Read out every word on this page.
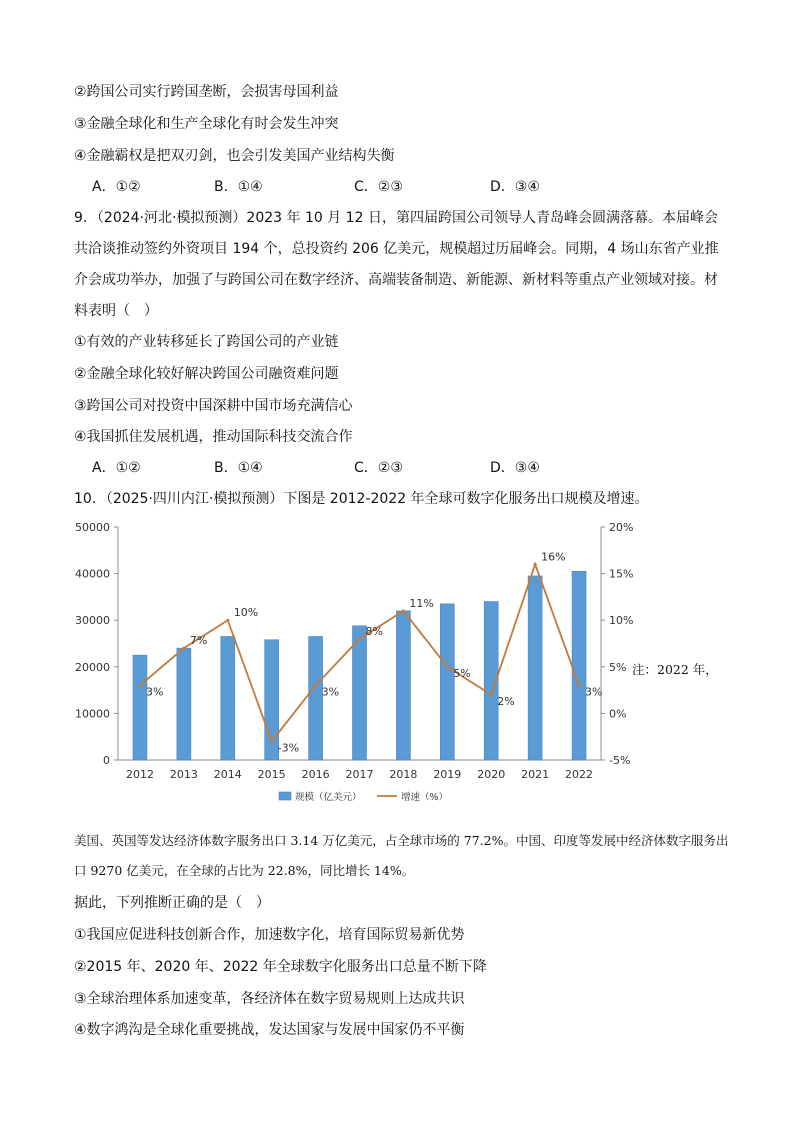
②跨国公司实行跨国垄断，会损害母国利益
③金融全球化和生产全球化有时会发生冲突
④金融霸权是把双刃剑，也会引发美国产业结构失衡
A．①②	B．①④	C．②③	D．③④
9．（2024·河北·模拟预测）2023 年 10 月 12 日，第四届跨国公司领导人青岛峰会圆满落幕。本届峰会共洽谈推动签约外资项目 194 个，总投资约 206 亿美元，规模超过历届峰会。同期，4 场山东省产业推介会成功举办，加强了与跨国公司在数字经济、高端装备制造、新能源、新材料等重点产业领域对接。材料表明（　）
①有效的产业转移延长了跨国公司的产业链
②金融全球化较好解决跨国公司融资难问题
③跨国公司对投资中国深耕中国市场充满信心
④我国抓住发展机遇，推动国际科技交流合作
A．①②	B．①④	C．②③	D．③④
10．（2025·四川内江·模拟预测）下图是 2012-2022 年全球可数字化服务出口规模及增速。
0
10000
20000
30000
40000
50000
-5%
0%
5%
10%
15%
20%
2012 2013 2014 2015 2016 2017 2018 2019 2020 2021 2022
3%
7%
10%
-3%
3%
8%
11%
5%
2%
16%
3%
规模（亿美元）	增速（%）
注：2022 年，
美国、英国等发达经济体数字服务出口 3.14 万亿美元，占全球市场的 77.2%。中国、印度等发展中经济体数字服务出口 9270 亿美元，在全球的占比为 22.8%，同比增长 14%。
据此，下列推断正确的是（　）
①我国应促进科技创新合作，加速数字化，培育国际贸易新优势
②2015 年、2020 年、2022 年全球数字化服务出口总量不断下降
③全球治理体系加速变革，各经济体在数字贸易规则上达成共识
④数字鸿沟是全球化重要挑战，发达国家与发展中国家仍不平衡
